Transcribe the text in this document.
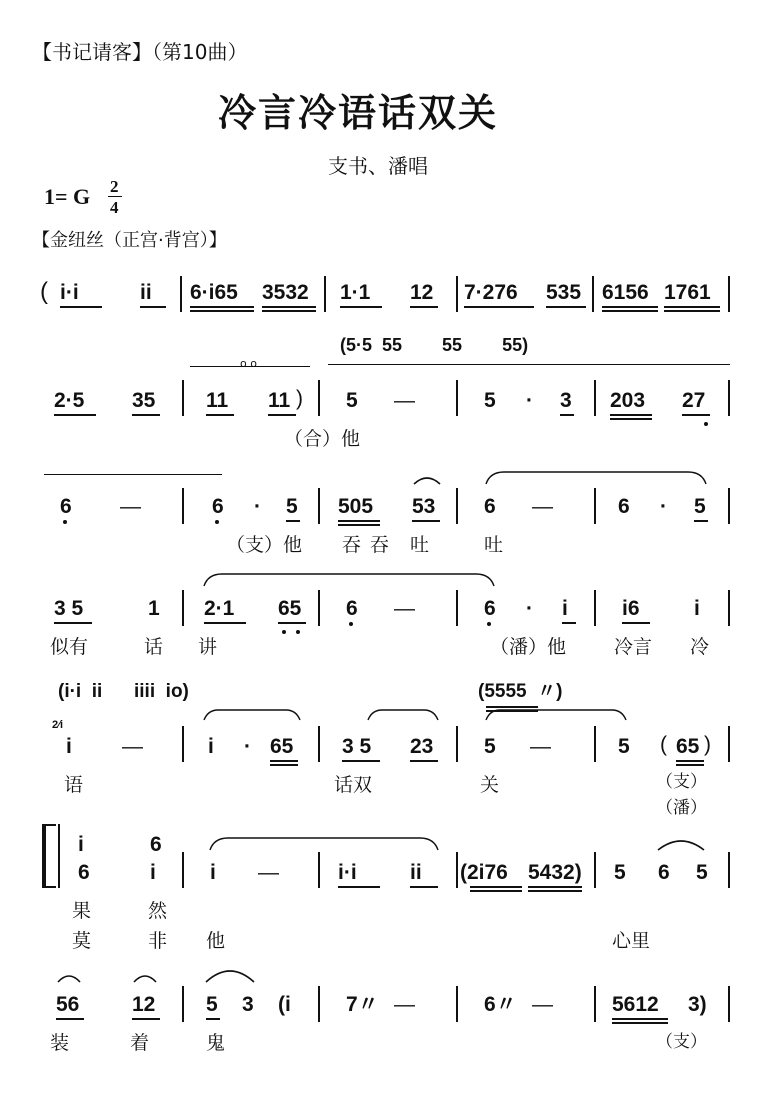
【书记请客】（第10曲）
冷言冷语话双关
支书、潘唱
1= G 2
4
【金纽丝（正宫·背宫）】
( i·i	ii 6·i65 3532 1·1 12 7·276 535 6156 1761
(5·5  55        55        55)
o o
2·5 35 11 11 ) 5 —	5 · 3 203 27
（合）他
6 —	6 · 5 505 53 6 —	6 · 5
（支）他 吞 吞 吐	吐
3 5	1 2·1 65 6 —	6 · i	i6	i
似有	话 讲	（潘）他	冷言 冷
(i·i  ii      iiii  io)	(5555  〃)
2⁄i
i —	i · 65 3 5 23 5 —	5 ( 65 )
语	话双	关	（支）
（潘）
i	6
6	i	i —	i·i	ii (2i76 5432) 5 6 5
果	然
莫	非 他	心里
56	12 5 3 (i	7〃 —	6〃 —	5612 3)
装	着	鬼	（支）
